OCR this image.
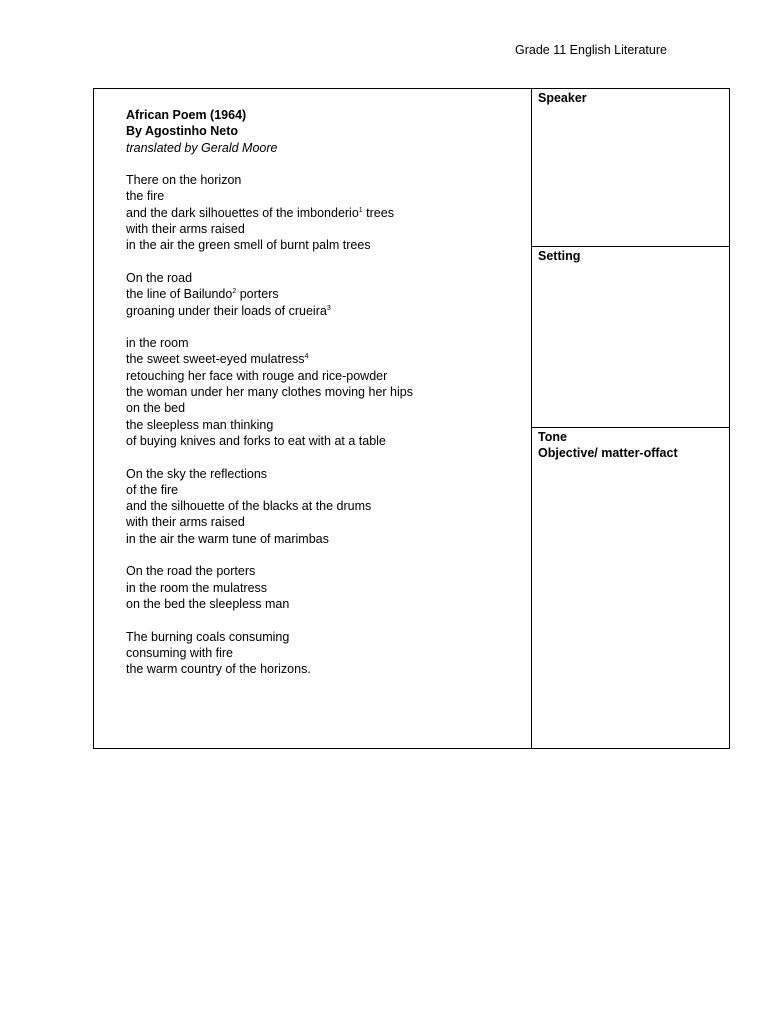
Grade 11 English Literature
African Poem (1964)
By Agostinho Neto
translated by Gerald Moore
There on the horizon
the fire
and the dark silhouettes of the imbonderio$^1$ trees
with their arms raised
in the air the green smell of burnt palm trees
On the road
the line of Bailundo$^2$ porters
groaning under their loads of crueira$^3$
in the room
the sweet sweet-eyed mulatress$^4$
retouching her face with rouge and rice-powder
the woman under her many clothes moving her hips
on the bed
the sleepless man thinking
of buying knives and forks to eat with at a table
On the sky the reflections
of the fire
and the silhouette of the blacks at the drums
with their arms raised
in the air the warm tune of marimbas
On the road the porters
in the room the mulatress
on the bed the sleepless man
The burning coals consuming
consuming with fire
the warm country of the horizons.
Speaker
Setting
Tone
Objective/ matter-offact
